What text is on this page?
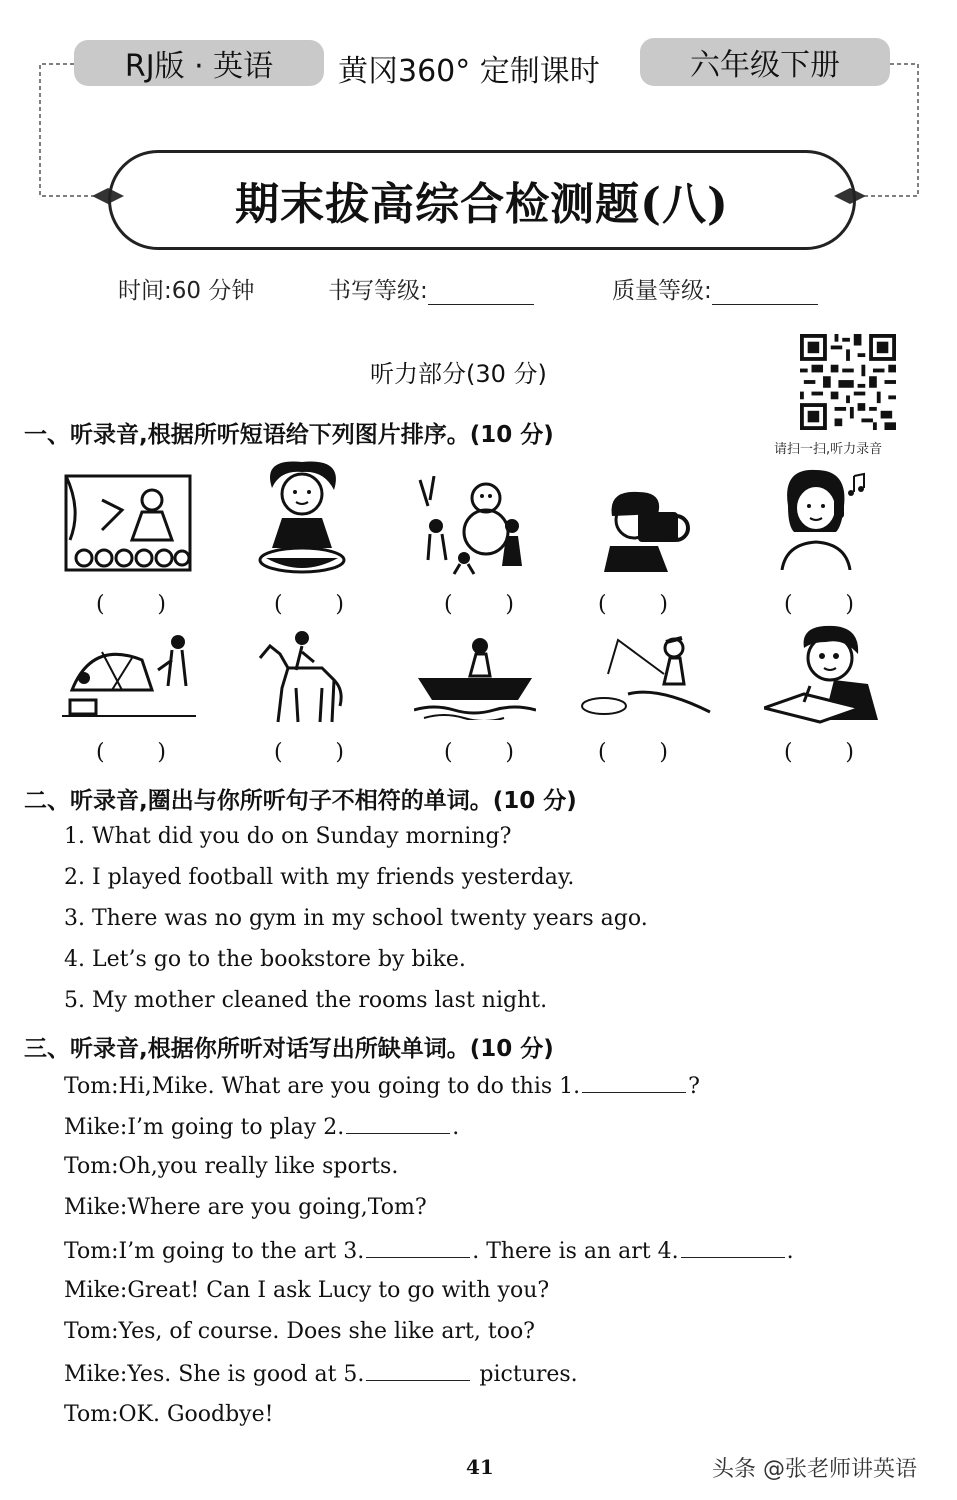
RJ版 · 英语	黄冈360° 定制课时	六年级下册
期末拔高综合检测题(八)
时间:60 分钟	书写等级:	质量等级:
听力部分(30 分)
请扫一扫,听力录音
一、听录音,根据所听短语给下列图片排序。(10 分)
( )	( )	( )	( )	( )
( )	( )	( )	( )	( )
二、听录音,圈出与你所听句子不相符的单词。(10 分)
1. What did you do on Sunday morning?
2. I played football with my friends yesterday.
3. There was no gym in my school twenty years ago.
4. Let’s go to the bookstore by bike.
5. My mother cleaned the rooms last night.
三、听录音,根据你所听对话写出所缺单词。(10 分)
Tom:Hi,Mike. What are you going to do this 1.	?
Mike:I’m going to play 2.	.
Tom:Oh,you really like sports.
Mike:Where are you going,Tom?
Tom:I’m going to the art 3.	. There is an art 4.	.
Mike:Great! Can I ask Lucy to go with you?
Tom:Yes, of course. Does she like art, too?
Mike:Yes. She is good at 5.	pictures.
Tom:OK. Goodbye!
41	头条 @张老师讲英语
